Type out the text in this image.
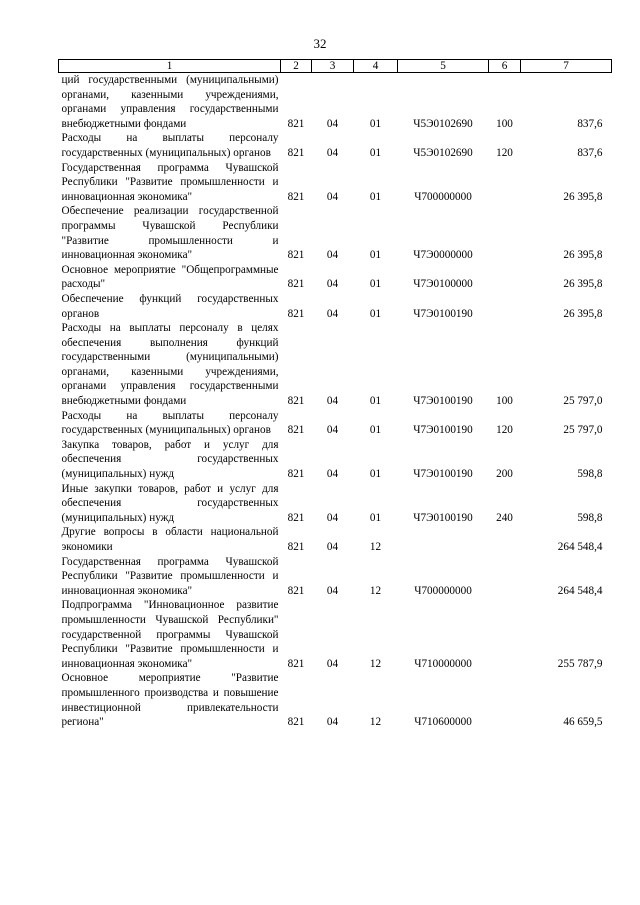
32
1	2	3	4	5	6	7
ций государственными (муниципальными) органами, казенными учреждениями, органами управления государственными внебюджетными фондами	821	04	01	Ч5Э0102690	100	837,6
Расходы на выплаты персоналу государственных (муниципальных) органов	821	04	01	Ч5Э0102690	120	837,6
Государственная программа Чувашской Республики "Развитие промышленности и инновационная экономика"	821	04	01	Ч700000000		26 395,8
Обеспечение реализации государственной программы Чувашской Республики "Развитие промышленности и инновационная экономика"	821	04	01	Ч7Э0000000		26 395,8
Основное мероприятие "Общепрограммные расходы"	821	04	01	Ч7Э0100000		26 395,8
Обеспечение функций государственных органов	821	04	01	Ч7Э0100190		26 395,8
Расходы на выплаты персоналу в целях обеспечения выполнения функций государственными (муниципальными) органами, казенными учреждениями, органами управления государственными внебюджетными фондами	821	04	01	Ч7Э0100190	100	25 797,0
Расходы на выплаты персоналу государственных (муниципальных) органов	821	04	01	Ч7Э0100190	120	25 797,0
Закупка товаров, работ и услуг для обеспечения государственных (муниципальных) нужд	821	04	01	Ч7Э0100190	200	598,8
Иные закупки товаров, работ и услуг для обеспечения государственных (муниципальных) нужд	821	04	01	Ч7Э0100190	240	598,8
Другие вопросы в области национальной экономики	821	04	12			264 548,4
Государственная программа Чувашской Республики "Развитие промышленности и инновационная экономика"	821	04	12	Ч700000000		264 548,4
Подпрограмма "Инновационное развитие промышленности Чувашской Республики" государственной программы Чувашской Республики "Развитие промышленности и инновационная экономика"	821	04	12	Ч710000000		255 787,9
Основное мероприятие "Развитие промышленного производства и повышение инвестиционной привлекательности региона"	821	04	12	Ч710600000		46 659,5
